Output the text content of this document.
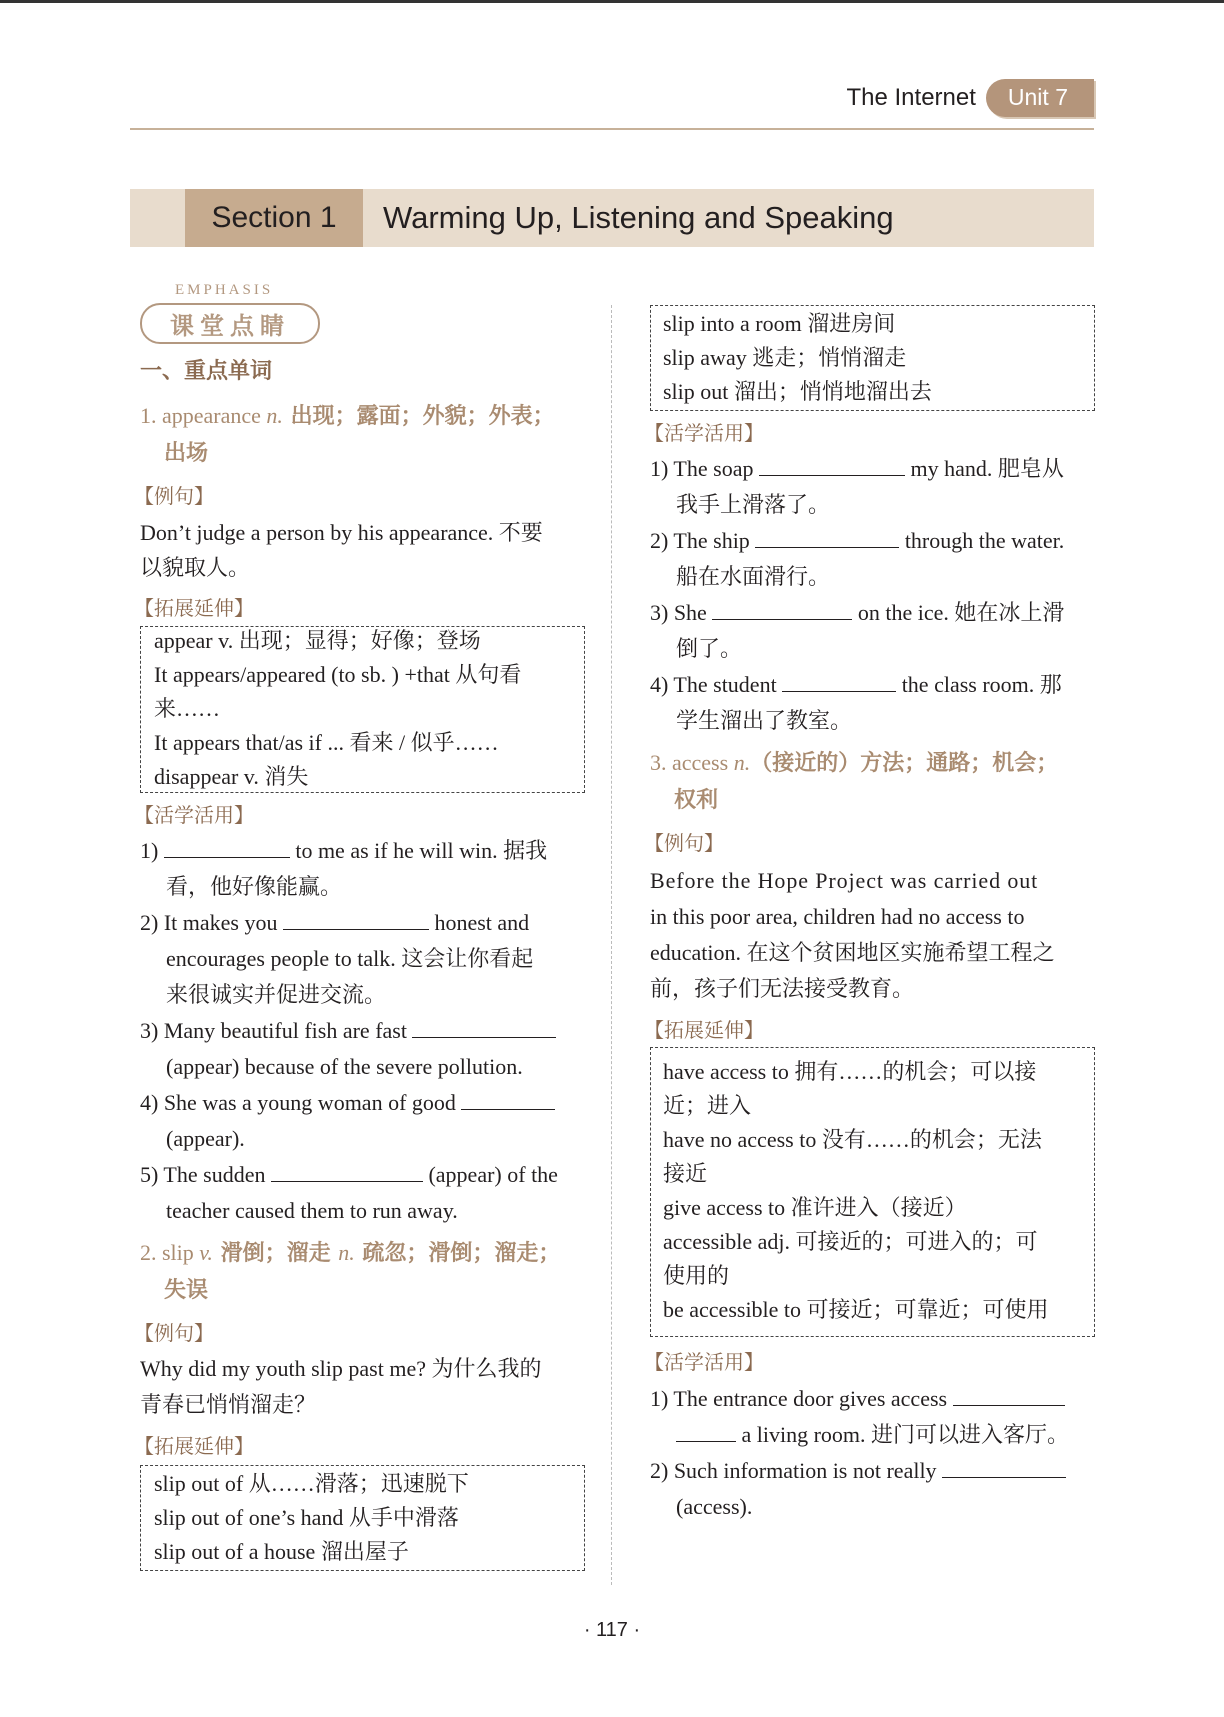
The Internet	Unit 7
Section 1	Warming Up, Listening and Speaking
EMPHASIS
课堂点睛
一、重点单词
1. appearance n. 出现；露面；外貌；外表；
出场
【例句】
Don’t judge a person by his appearance. 不要
以貌取人。
【拓展延伸】
appear v. 出现；显得；好像；登场
It appears/appeared (to sb. ) +that 从句看
来……
It appears that/as if ... 看来 / 似乎……
disappear v. 消失
【活学活用】
1)	to me as if he will win. 据我
看，他好像能赢。
2) It makes you	honest and
encourages people to talk. 这会让你看起
来很诚实并促进交流。
3) Many beautiful fish are fast
(appear) because of the severe pollution.
4) She was a young woman of good
(appear).
5) The sudden	(appear) of the
teacher caused them to run away.
2. slip v. 滑倒；溜走 n. 疏忽；滑倒；溜走；
失误
【例句】
Why did my youth slip past me? 为什么我的
青春已悄悄溜走？
【拓展延伸】
slip out of 从……滑落；迅速脱下
slip out of one’s hand 从手中滑落
slip out of a house 溜出屋子
slip into a room 溜进房间
slip away 逃走；悄悄溜走
slip out 溜出；悄悄地溜出去
【活学活用】
1) The soap	my hand. 肥皂从
我手上滑落了。
2) The ship	through the water.
船在水面滑行。
3) She	on the ice. 她在冰上滑
倒了。
4) The student	the class room. 那
学生溜出了教室。
3. access n.（接近的）方法；通路；机会；
权利
【例句】
Before the Hope Project was carried out
in this poor area, children had no access to
education. 在这个贫困地区实施希望工程之
前，孩子们无法接受教育。
【拓展延伸】
have access to 拥有……的机会；可以接
近；进入
have no access to 没有……的机会；无法
接近
give access to 准许进入（接近）
accessible adj. 可接近的；可进入的；可
使用的
be accessible to 可接近；可靠近；可使用
【活学活用】
1) The entrance door gives access
a living room. 进门可以进入客厅。
2) Such information is not really
(access).
· 117 ·
